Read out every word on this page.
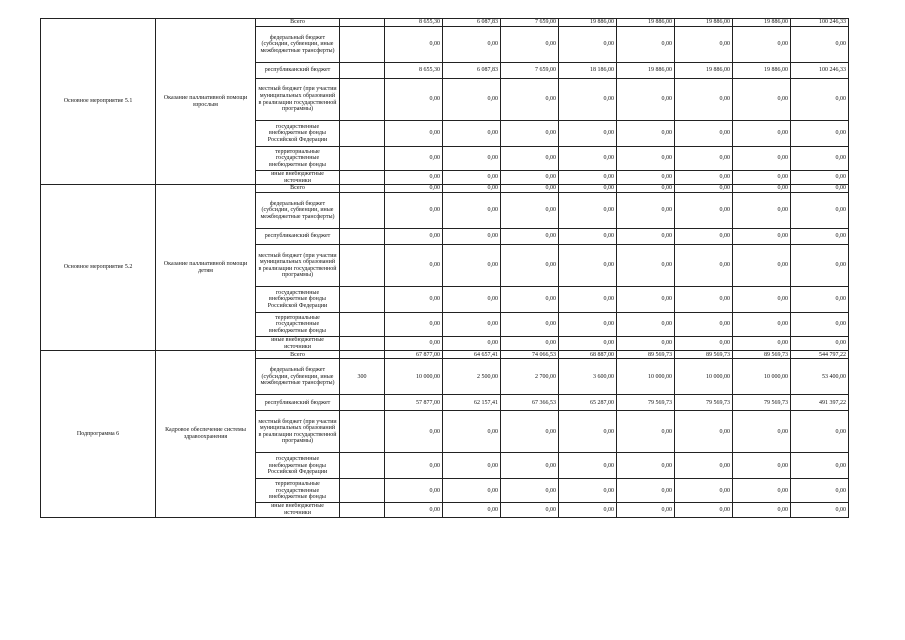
Основное мероприятие 5.1	Оказание паллиативной помощи взрослым	Всего		8 655,30	6 087,83	7 659,00	19 886,00	19 886,00	19 886,00	19 886,00	100 246,33
		федеральный бюджет (субсидии, субвенции, иные межбюджетные трансферты)		0,00	0,00	0,00	0,00	0,00	0,00	0,00	0,00
		республиканский бюджет		8 655,30	6 087,83	7 659,00	18 186,00	19 886,00	19 886,00	19 886,00	100 246,33
		местный бюджет (при участии муниципальных образований в реализации государственной программы)		0,00	0,00	0,00	0,00	0,00	0,00	0,00	0,00
		государственные внебюджетные фонды Российской Федерации		0,00	0,00	0,00	0,00	0,00	0,00	0,00	0,00
		территориальные государственные внебюджетные фонды		0,00	0,00	0,00	0,00	0,00	0,00	0,00	0,00
		иные внебюджетные источники		0,00	0,00	0,00	0,00	0,00	0,00	0,00	0,00
Основное мероприятие 5.2	Оказание паллиативной помощи детям	Всего		0,00	0,00	0,00	0,00	0,00	0,00	0,00	0,00
		федеральный бюджет (субсидии, субвенции, иные межбюджетные трансферты)		0,00	0,00	0,00	0,00	0,00	0,00	0,00	0,00
		республиканский бюджет		0,00	0,00	0,00	0,00	0,00	0,00	0,00	0,00
		местный бюджет (при участии муниципальных образований в реализации государственной программы)		0,00	0,00	0,00	0,00	0,00	0,00	0,00	0,00
		государственные внебюджетные фонды Российской Федерации		0,00	0,00	0,00	0,00	0,00	0,00	0,00	0,00
		территориальные государственные внебюджетные фонды		0,00	0,00	0,00	0,00	0,00	0,00	0,00	0,00
		иные внебюджетные источники		0,00	0,00	0,00	0,00	0,00	0,00	0,00	0,00
Подпрограмма 6	Кадровое обеспечение системы здравоохранения	Всего		67 877,00	64 657,41	74 066,53	68 887,00	89 569,73	89 569,73	89 569,73	544 797,22
		федеральный бюджет (субсидии, субвенции, иные межбюджетные трансферты)	300	10 000,00	2 500,00	2 700,00	3 600,00	10 000,00	10 000,00	10 000,00	53 400,00
		республиканский бюджет		57 877,00	62 157,41	67 366,53	65 287,00	79 569,73	79 569,73	79 569,73	491 397,22
		местный бюджет (при участии муниципальных образований в реализации государственной программы)		0,00	0,00	0,00	0,00	0,00	0,00	0,00	0,00
		государственные внебюджетные фонды Российской Федерации		0,00	0,00	0,00	0,00	0,00	0,00	0,00	0,00
		территориальные государственные внебюджетные фонды		0,00	0,00	0,00	0,00	0,00	0,00	0,00	0,00
		иные внебюджетные источники		0,00	0,00	0,00	0,00	0,00	0,00	0,00	0,00
